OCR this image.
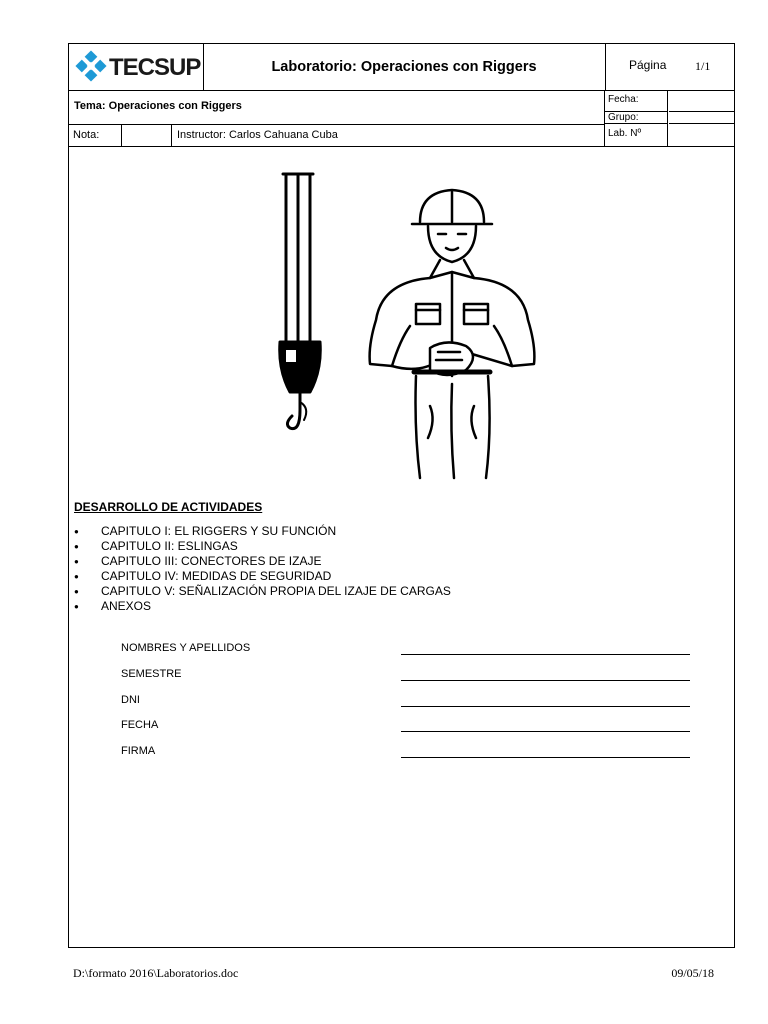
TECSUP	Laboratorio: Operaciones con Riggers	Página 1/1
Tema: Operaciones con Riggers
Fecha:
Grupo:
Nota:	Instructor: Carlos Cahuana Cuba	Lab. Nº
DESARROLLO DE ACTIVIDADES
● CAPITULO I: EL RIGGERS Y SU FUNCIÓN
● CAPITULO II: ESLINGAS
● CAPITULO III: CONECTORES DE IZAJE
● CAPITULO IV: MEDIDAS DE SEGURIDAD
● CAPITULO V: SEÑALIZACIÓN PROPIA DEL IZAJE DE CARGAS
● ANEXOS
NOMBRES Y APELLIDOS
SEMESTRE
DNI
FECHA
FIRMA
D:\formato 2016\Laboratorios.doc	09/05/18
